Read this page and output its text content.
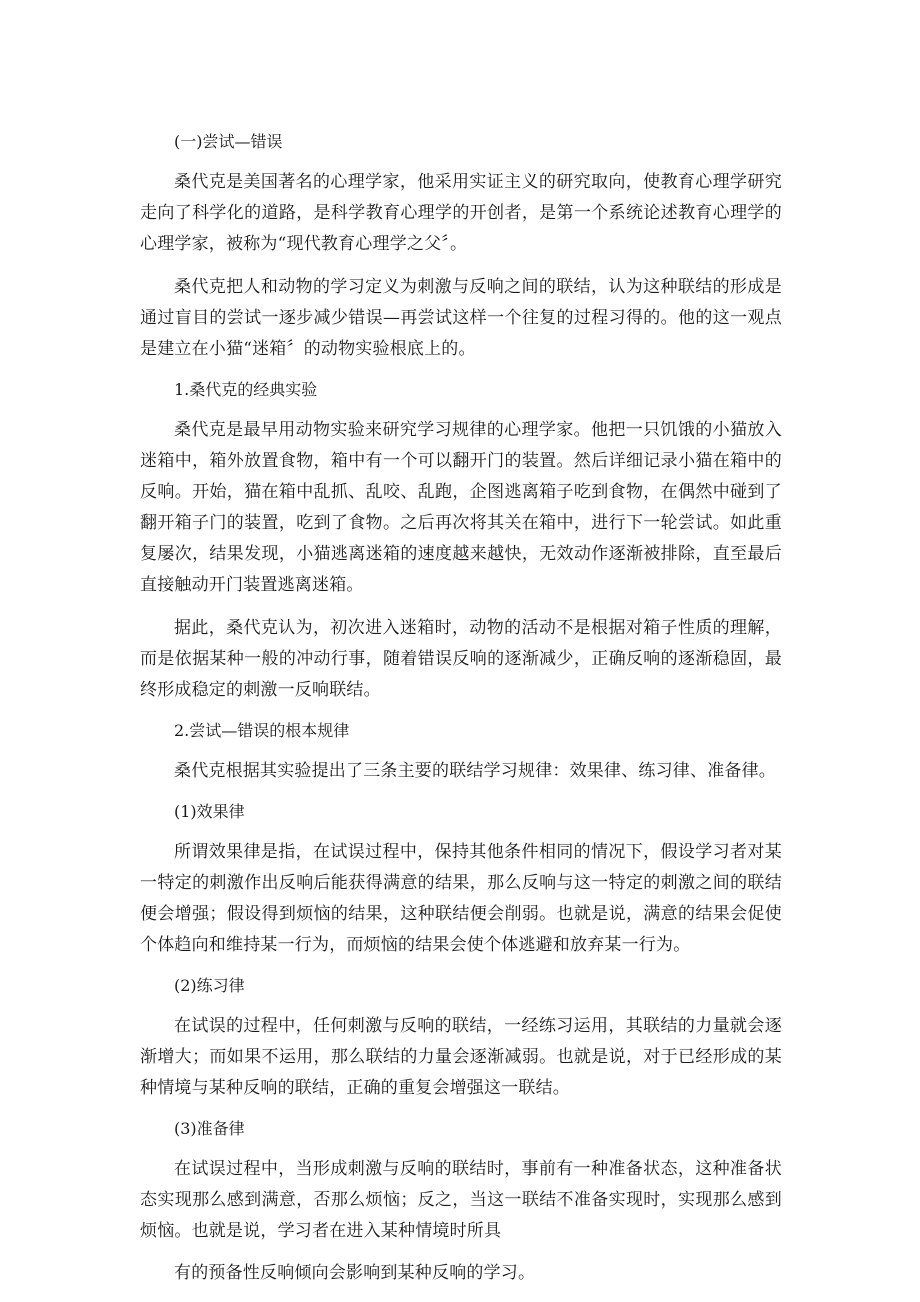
(一)尝试—错误

桑代克是美国著名的心理学家，他采用实证主义的研究取向，使教育心理学研究走向了科学化的道路，是科学教育心理学的开创者，是第一个系统论述教育心理学的心理学家，被称为“现代教育心理学之父〞。

桑代克把人和动物的学习定义为刺激与反响之间的联结，认为这种联结的形成是通过盲目的尝试一逐步减少错误—再尝试这样一个往复的过程习得的。他的这一观点是建立在小猫“迷箱〞的动物实验根底上的。

1.桑代克的经典实验

桑代克是最早用动物实验来研究学习规律的心理学家。他把一只饥饿的小猫放入迷箱中，箱外放置食物，箱中有一个可以翻开门的装置。然后详细记录小猫在箱中的反响。开始，猫在箱中乱抓、乱咬、乱跑，企图逃离箱子吃到食物，在偶然中碰到了翻开箱子门的装置，吃到了食物。之后再次将其关在箱中，进行下一轮尝试。如此重复屡次，结果发现，小猫逃离迷箱的速度越来越快，无效动作逐渐被排除，直至最后直接触动开门装置逃离迷箱。

据此，桑代克认为，初次进入迷箱时，动物的活动不是根据对箱子性质的理解，而是依据某种一般的冲动行事，随着错误反响的逐渐减少，正确反响的逐渐稳固，最终形成稳定的刺激一反响联结。

2.尝试—错误的根本规律

桑代克根据其实验提出了三条主要的联结学习规律：效果律、练习律、准备律。

(1)效果律

所谓效果律是指，在试误过程中，保持其他条件相同的情况下，假设学习者对某一特定的刺激作出反响后能获得满意的结果，那么反响与这一特定的刺激之间的联结便会增强；假设得到烦恼的结果，这种联结便会削弱。也就是说，满意的结果会促使个体趋向和维持某一行为，而烦恼的结果会使个体逃避和放弃某一行为。

(2)练习律

在试误的过程中，任何刺激与反响的联结，一经练习运用，其联结的力量就会逐渐增大；而如果不运用，那么联结的力量会逐渐减弱。也就是说，对于已经形成的某种情境与某种反响的联结，正确的重复会增强这一联结。

(3)准备律

在试误过程中，当形成刺激与反响的联结时，事前有一种准备状态，这种准备状态实现那么感到满意，否那么烦恼；反之，当这一联结不准备实现时，实现那么感到烦恼。也就是说，学习者在进入某种情境时所具

有的预备性反响倾向会影响到某种反响的学习。
